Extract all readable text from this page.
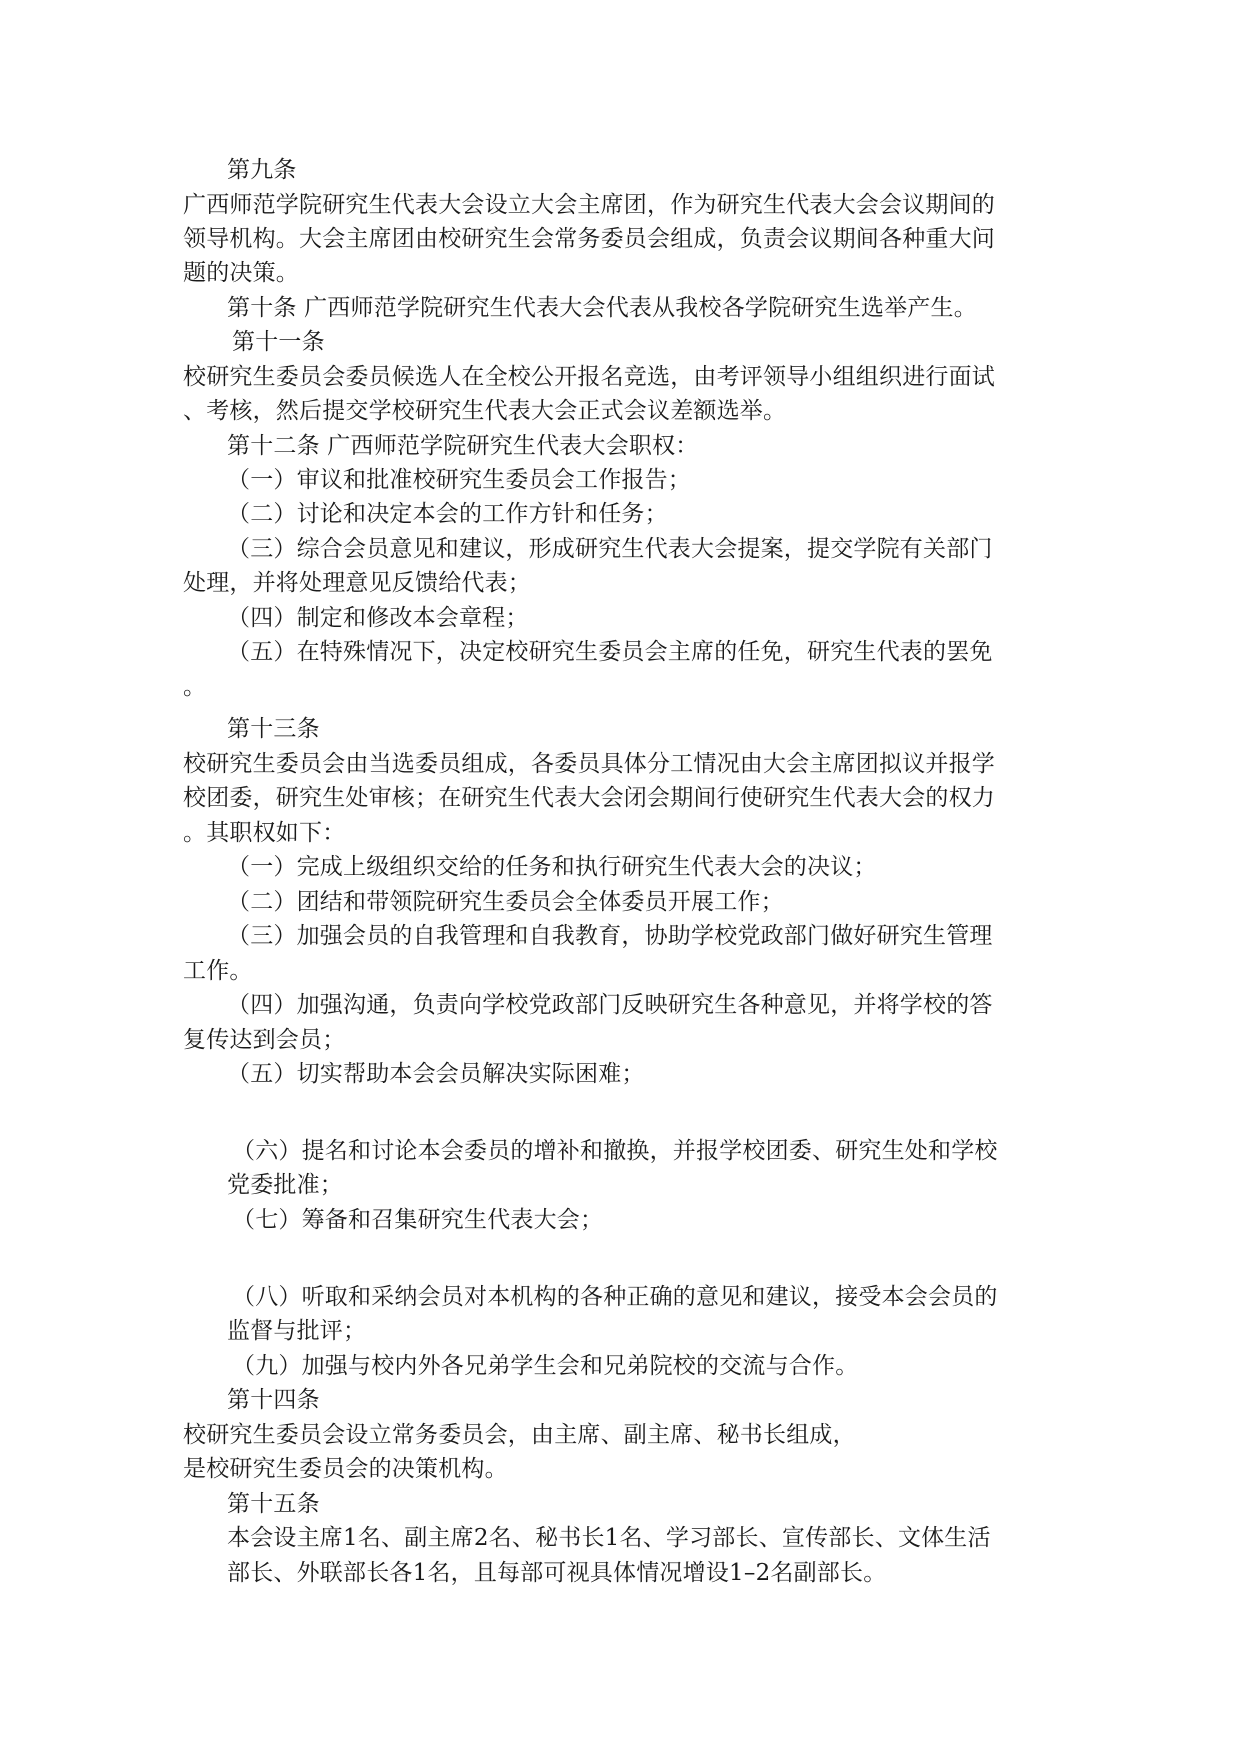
第九条
广西师范学院研究生代表大会设立大会主席团，作为研究生代表大会会议期间的
领导机构。大会主席团由校研究生会常务委员会组成，负责会议期间各种重大问
题的决策。
第十条 广西师范学院研究生代表大会代表从我校各学院研究生选举产生。
第十一条
校研究生委员会委员候选人在全校公开报名竞选，由考评领导小组组织进行面试
、考核，然后提交学校研究生代表大会正式会议差额选举。
第十二条 广西师范学院研究生代表大会职权：
（一）审议和批准校研究生委员会工作报告；
（二）讨论和决定本会的工作方针和任务；
（三）综合会员意见和建议，形成研究生代表大会提案，提交学院有关部门
处理，并将处理意见反馈给代表；
（四）制定和修改本会章程；
（五）在特殊情况下，决定校研究生委员会主席的任免，研究生代表的罢免
。
第十三条
校研究生委员会由当选委员组成，各委员具体分工情况由大会主席团拟议并报学
校团委，研究生处审核；在研究生代表大会闭会期间行使研究生代表大会的权力
。其职权如下：
（一）完成上级组织交给的任务和执行研究生代表大会的决议；
（二）团结和带领院研究生委员会全体委员开展工作；
（三）加强会员的自我管理和自我教育，协助学校党政部门做好研究生管理
工作。
（四）加强沟通，负责向学校党政部门反映研究生各种意见，并将学校的答
复传达到会员；
（五）切实帮助本会会员解决实际困难；
（六）提名和讨论本会委员的增补和撤换，并报学校团委、研究生处和学校
党委批准；
（七）筹备和召集研究生代表大会；
（八）听取和采纳会员对本机构的各种正确的意见和建议，接受本会会员的
监督与批评；
（九）加强与校内外各兄弟学生会和兄弟院校的交流与合作。
第十四条
校研究生委员会设立常务委员会，由主席、副主席、秘书长组成，
是校研究生委员会的决策机构。
第十五条
本会设主席1名、副主席2名、秘书长1名、学习部长、宣传部长、文体生活
部长、外联部长各1名，且每部可视具体情况增设1–2名副部长。
